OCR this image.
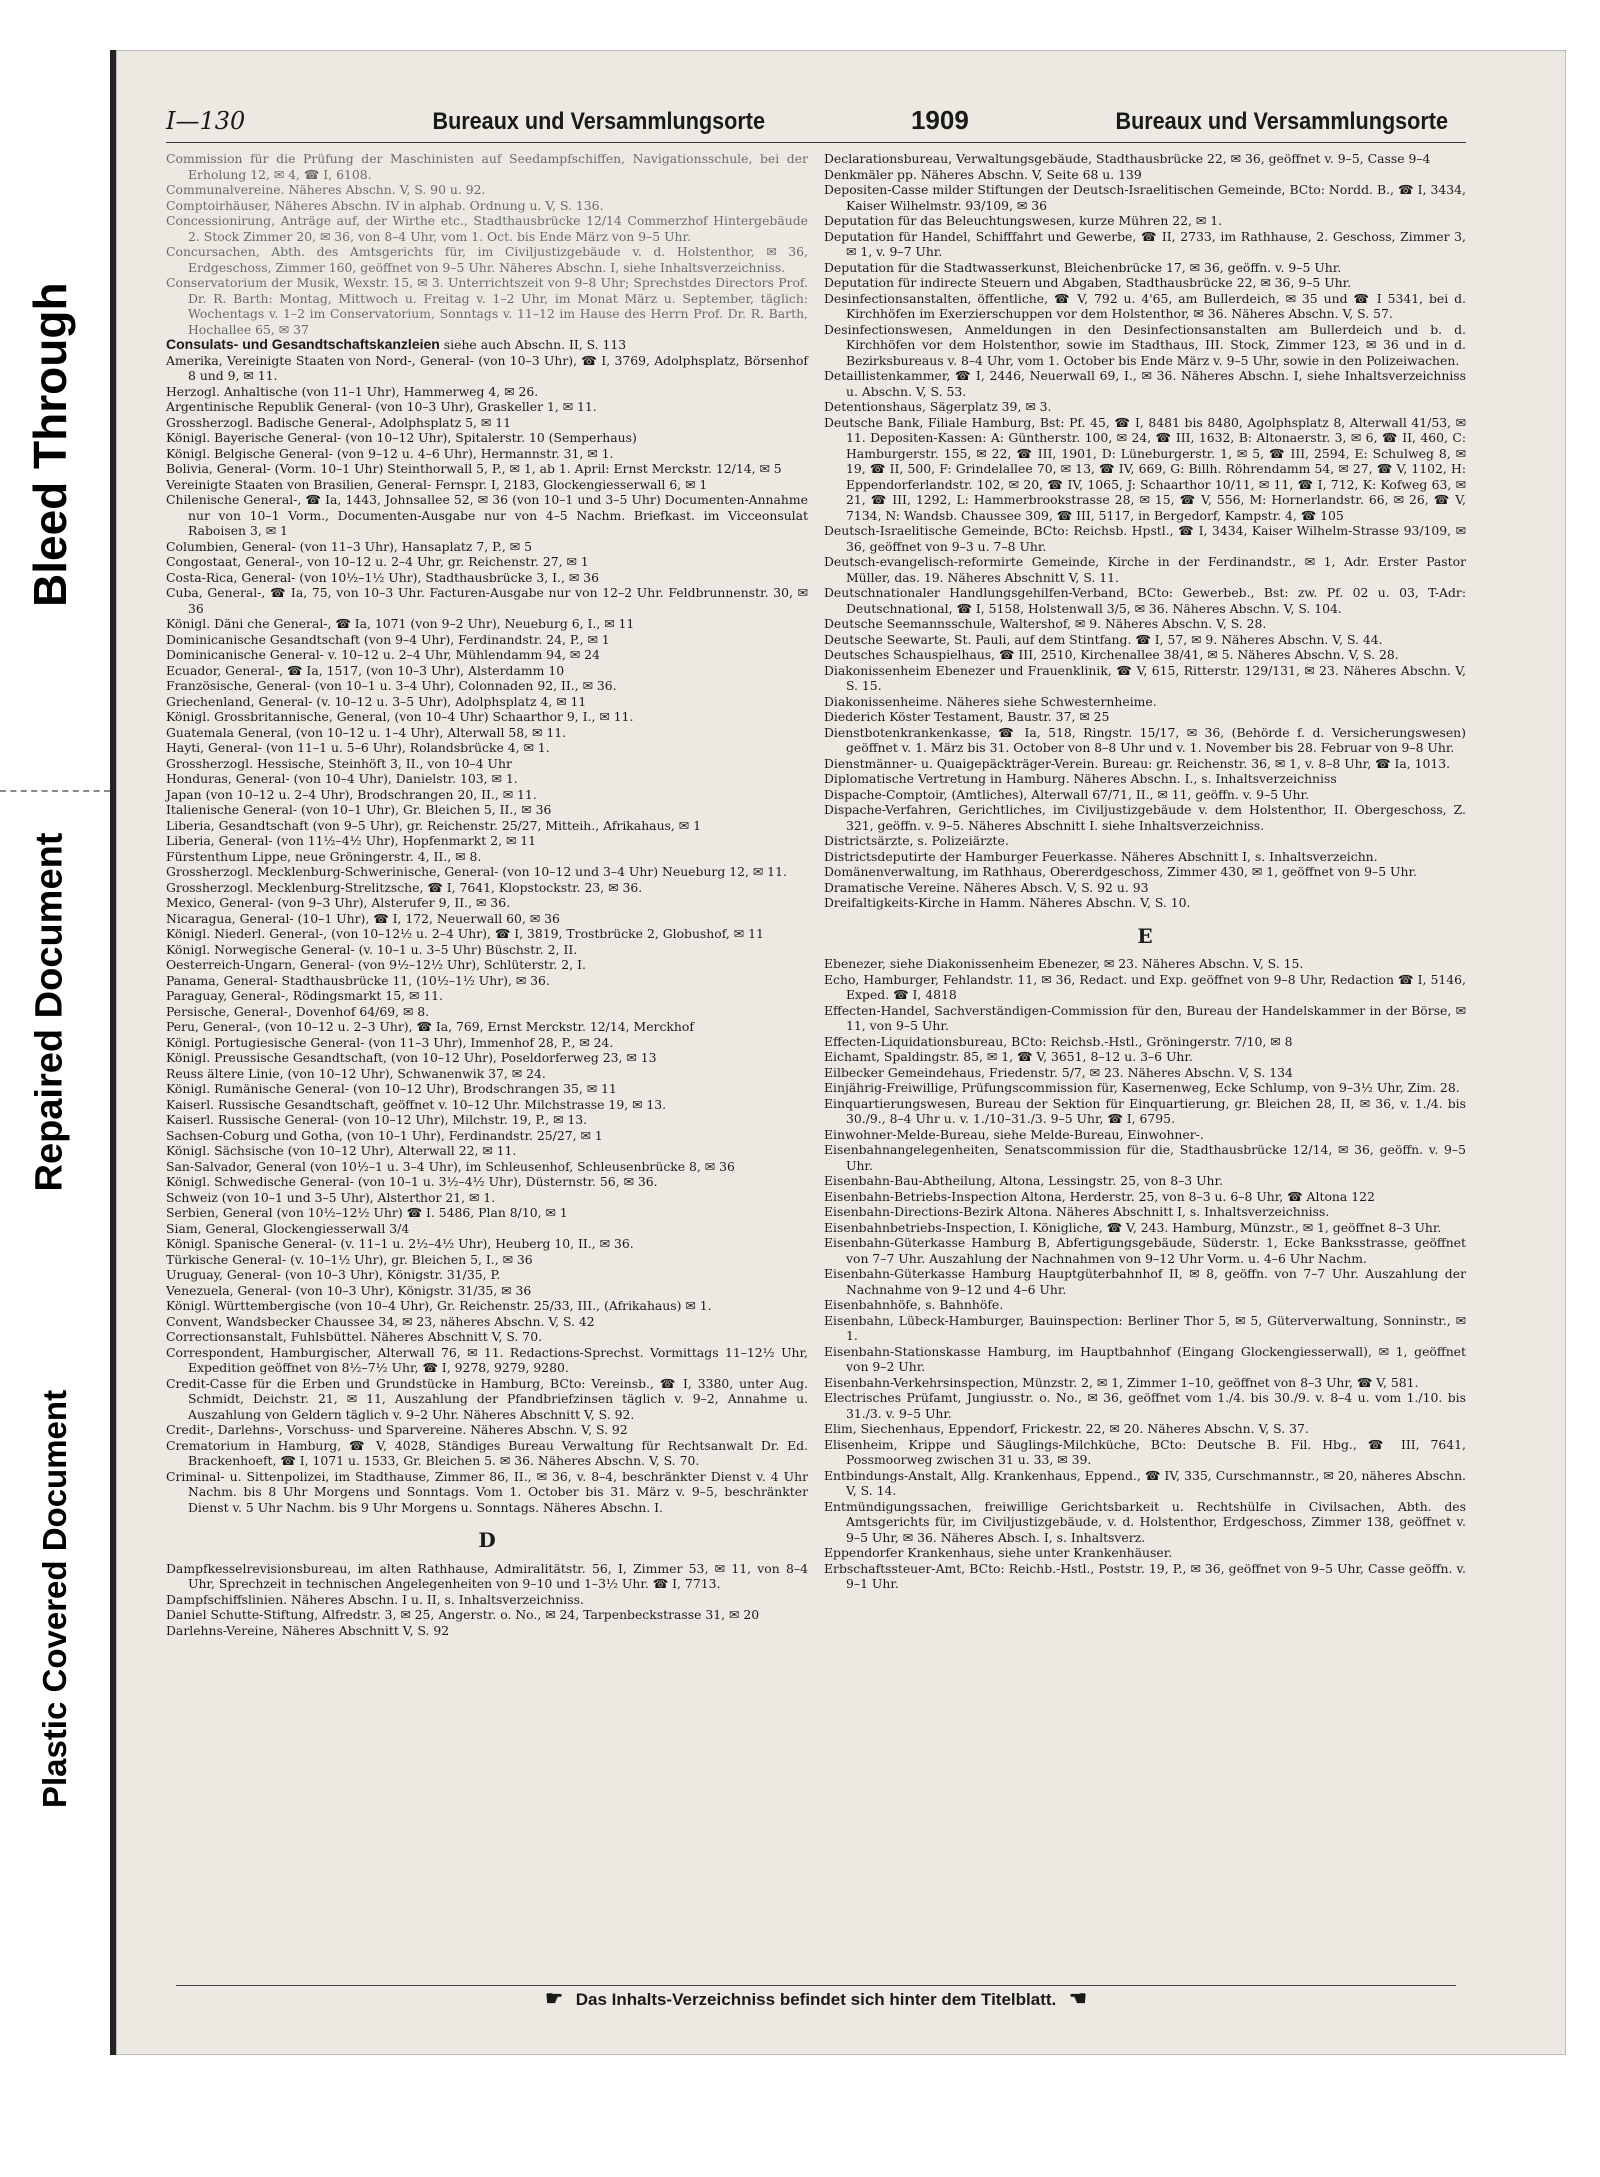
Bleed Through
Repaired Document
Plastic Covered Document
I—130	Bureaux und Versammlungsorte	1909	Bureaux und Versammlungsorte

Commission für die Prüfung der Maschinisten auf Seedampfschiffen, Navigationsschule, bei der Erholung 12, ✉ 4, ☎ I, 6108.

Communalvereine. Näheres Abschn. V, S. 90 u. 92.

Comptoirhäuser, Näheres Abschn. IV in alphab. Ordnung u. V, S. 136.

Concessionirung, Anträge auf, der Wirthe etc., Stadthausbrücke 12/14 Commerzhof Hintergebäude 2. Stock Zimmer 20, ✉ 36, von 8–4 Uhr, vom 1. Oct. bis Ende März von 9–5 Uhr.

Concursachen, Abth. des Amtsgerichts für, im Civiljustizgebäude v. d. Holstenthor, ✉ 36, Erdgeschoss, Zimmer 160, geöffnet von 9–5 Uhr. Näheres Abschn. I, siehe Inhaltsverzeichniss.

Conservatorium der Musik, Wexstr. 15, ✉ 3. Unterrichtszeit von 9–8 Uhr; Sprechstdes Directors Prof. Dr. R. Barth: Montag, Mittwoch u. Freitag v. 1–2 Uhr, im Monat März u. September, täglich: Wochentags v. 1–2 im Conservatorium, Sonntags v. 11–12 im Hause des Herrn Prof. Dr. R. Barth, Hochallee 65, ✉ 37

Consulats- und Gesandtschaftskanzleien siehe auch Abschn. II, S. 113

Amerika, Vereinigte Staaten von Nord-, General- (von 10–3 Uhr), ☎ I, 3769, Adolphsplatz, Börsenhof 8 und 9, ✉ 11.

Herzogl. Anhaltische (von 11–1 Uhr), Hammerweg 4, ✉ 26.

Argentinische Republik General- (von 10–3 Uhr), Graskeller 1, ✉ 11.

Grossherzogl. Badische General-, Adolphsplatz 5, ✉ 11

Königl. Bayerische General- (von 10–12 Uhr), Spitalerstr. 10 (Semperhaus)

Königl. Belgische General- (von 9–12 u. 4–6 Uhr), Hermannstr. 31, ✉ 1.

Bolivia, General- (Vorm. 10–1 Uhr) Steinthorwall 5, P., ✉ 1, ab 1. April: Ernst Merckstr. 12/14, ✉ 5

Vereinigte Staaten von Brasilien, General- Fernspr. I, 2183, Glockengiesserwall 6, ✉ 1

Chilenische General-, ☎ Ia, 1443, Johnsallee 52, ✉ 36 (von 10–1 und 3–5 Uhr) Documenten-Annahme nur von 10–1 Vorm., Documenten-Ausgabe nur von 4–5 Nachm. Briefkast. im Vicceonsulat Raboisen 3, ✉ 1

Columbien, General- (von 11–3 Uhr), Hansaplatz 7, P., ✉ 5

Congostaat, General-, von 10–12 u. 2–4 Uhr, gr. Reichenstr. 27, ✉ 1

Costa-Rica, General- (von 10½–1½ Uhr), Stadthausbrücke 3, I., ✉ 36

Cuba, General-, ☎ Ia, 75, von 10–3 Uhr. Facturen-Ausgabe nur von 12–2 Uhr. Feldbrunnenstr. 30, ✉ 36

Königl. Däni che General-, ☎ Ia, 1071 (von 9–2 Uhr), Neueburg 6, I., ✉ 11

Dominicanische Gesandtschaft (von 9–4 Uhr), Ferdinandstr. 24, P., ✉ 1

Dominicanische General- v. 10–12 u. 2–4 Uhr, Mühlendamm 94, ✉ 24

Ecuador, General-, ☎ Ia, 1517, (von 10–3 Uhr), Alsterdamm 10

Französische, General- (von 10–1 u. 3–4 Uhr), Colonnaden 92, II., ✉ 36.

Griechenland, General- (v. 10–12 u. 3–5 Uhr), Adolphsplatz 4, ✉ 11

Königl. Grossbritannische, General, (von 10–4 Uhr) Schaarthor 9, I., ✉ 11.

Guatemala General, (von 10–12 u. 1–4 Uhr), Alterwall 58, ✉ 11.

Hayti, General- (von 11–1 u. 5–6 Uhr), Rolandsbrücke 4, ✉ 1.

Grossherzogl. Hessische, Steinhöft 3, II., von 10–4 Uhr

Honduras, General- (von 10–4 Uhr), Danielstr. 103, ✉ 1.

Japan (von 10–12 u. 2–4 Uhr), Brodschrangen 20, II., ✉ 11.

Italienische General- (von 10–1 Uhr), Gr. Bleichen 5, II., ✉ 36

Liberia, Gesandtschaft (von 9–5 Uhr), gr. Reichenstr. 25/27, Mitteih., Afrikahaus, ✉ 1

Liberia, General- (von 11½–4½ Uhr), Hopfenmarkt 2, ✉ 11

Fürstenthum Lippe, neue Gröningerstr. 4, II., ✉ 8.

Grossherzogl. Mecklenburg-Schwerinische, General- (von 10–12 und 3–4 Uhr) Neueburg 12, ✉ 11.

Grossherzogl. Mecklenburg-Strelitzsche, ☎ I, 7641, Klopstockstr. 23, ✉ 36.

Mexico, General- (von 9–3 Uhr), Alsterufer 9, II., ✉ 36.

Nicaragua, General- (10–1 Uhr), ☎ I, 172, Neuerwall 60, ✉ 36

Königl. Niederl. General-, (von 10–12½ u. 2–4 Uhr), ☎ I, 3819, Trostbrücke 2, Globushof, ✉ 11

Königl. Norwegische General- (v. 10–1 u. 3–5 Uhr) Büschstr. 2, II.

Oesterreich-Ungarn, General- (von 9½–12½ Uhr), Schlüterstr. 2, I.

Panama, General- Stadthausbrücke 11, (10½–1½ Uhr), ✉ 36.

Paraguay, General-, Rödingsmarkt 15, ✉ 11.

Persische, General-, Dovenhof 64/69, ✉ 8.

Peru, General-, (von 10–12 u. 2–3 Uhr), ☎ Ia, 769, Ernst Merckstr. 12/14, Merckhof

Königl. Portugiesische General- (von 11–3 Uhr), Immenhof 28, P., ✉ 24.

Königl. Preussische Gesandtschaft, (von 10–12 Uhr), Poseldorferweg 23, ✉ 13

Reuss ältere Linie, (von 10–12 Uhr), Schwanenwik 37, ✉ 24.

Königl. Rumänische General- (von 10–12 Uhr), Brodschrangen 35, ✉ 11

Kaiserl. Russische Gesandtschaft, geöffnet v. 10–12 Uhr. Milchstrasse 19, ✉ 13.

Kaiserl. Russische General- (von 10–12 Uhr), Milchstr. 19, P., ✉ 13.

Sachsen-Coburg und Gotha, (von 10–1 Uhr), Ferdinandstr. 25/27, ✉ 1

Königl. Sächsische (von 10–12 Uhr), Alterwall 22, ✉ 11.

San-Salvador, General (von 10½–1 u. 3–4 Uhr), im Schleusenhof, Schleusenbrücke 8, ✉ 36

Königl. Schwedische General- (von 10–1 u. 3½–4½ Uhr), Düsternstr. 56, ✉ 36.

Schweiz (von 10–1 und 3–5 Uhr), Alsterthor 21, ✉ 1.

Serbien, General (von 10½–12½ Uhr) ☎ I. 5486, Plan 8/10, ✉ 1

Siam, General, Glockengiesserwall 3/4

Königl. Spanische General- (v. 11–1 u. 2½–4½ Uhr), Heuberg 10, II., ✉ 36.

Türkische General- (v. 10–1½ Uhr), gr. Bleichen 5, I., ✉ 36

Uruguay, General- (von 10–3 Uhr), Königstr. 31/35, P.

Venezuela, General- (von 10–3 Uhr), Königstr. 31/35, ✉ 36

Königl. Württembergische (von 10–4 Uhr), Gr. Reichenstr. 25/33, III., (Afrikahaus) ✉ 1.

Convent, Wandsbecker Chaussee 34, ✉ 23, näheres Abschn. V, S. 42

Correctionsanstalt, Fuhlsbüttel. Näheres Abschnitt V, S. 70.

Correspondent, Hamburgischer, Alterwall 76, ✉ 11. Redactions-Sprechst. Vormittags 11–12½ Uhr, Expedition geöffnet von 8½–7½ Uhr, ☎ I, 9278, 9279, 9280.

Credit-Casse für die Erben und Grundstücke in Hamburg, BCto: Vereinsb., ☎ I, 3380, unter Aug. Schmidt, Deichstr. 21, ✉ 11, Auszahlung der Pfandbriefzinsen täglich v. 9–2, Annahme u. Auszahlung von Geldern täglich v. 9–2 Uhr. Näheres Abschnitt V, S. 92.

Credit-, Darlehns-, Vorschuss- und Sparvereine. Näheres Abschn. V, S. 92

Crematorium in Hamburg, ☎ V, 4028, Ständiges Bureau Verwaltung für Rechtsanwalt Dr. Ed. Brackenhoeft, ☎ I, 1071 u. 1533, Gr. Bleichen 5. ✉ 36. Näheres Abschn. V, S. 70.

Criminal- u. Sittenpolizei, im Stadthause, Zimmer 86, II., ✉ 36, v. 8–4, beschränkter Dienst v. 4 Uhr Nachm. bis 8 Uhr Morgens und Sonntags. Vom 1. October bis 31. März v. 9–5, beschränkter Dienst v. 5 Uhr Nachm. bis 9 Uhr Morgens u. Sonntags. Näheres Abschn. I.

D

Dampfkesselrevisionsbureau, im alten Rathhause, Admiralitätstr. 56, I, Zimmer 53, ✉ 11, von 8–4 Uhr, Sprechzeit in technischen Angelegenheiten von 9–10 und 1–3½ Uhr. ☎ I, 7713.

Dampfschiffslinien. Näheres Abschn. I u. II, s. Inhaltsverzeichniss.

Daniel Schutte-Stiftung, Alfredstr. 3, ✉ 25, Angerstr. o. No., ✉ 24, Tarpenbeckstrasse 31, ✉ 20

Darlehns-Vereine, Näheres Abschnitt V, S. 92

Declarationsbureau, Verwaltungsgebäude, Stadthausbrücke 22, ✉ 36, geöffnet v. 9–5, Casse 9–4

Denkmäler pp. Näheres Abschn. V, Seite 68 u. 139

Depositen-Casse milder Stiftungen der Deutsch-Israelitischen Gemeinde, BCto: Nordd. B., ☎ I, 3434, Kaiser Wilhelmstr. 93/109, ✉ 36

Deputation für das Beleuchtungswesen, kurze Mühren 22, ✉ 1.

Deputation für Handel, Schifffahrt und Gewerbe, ☎ II, 2733, im Rathhause, 2. Geschoss, Zimmer 3, ✉ 1, v. 9–7 Uhr.

Deputation für die Stadtwasserkunst, Bleichenbrücke 17, ✉ 36, geöffn. v. 9–5 Uhr.

Deputation für indirecte Steuern und Abgaben, Stadthausbrücke 22, ✉ 36, 9–5 Uhr.

Desinfectionsanstalten, öffentliche, ☎ V, 792 u. 4'65, am Bullerdeich, ✉ 35 und ☎ I 5341, bei d. Kirchhöfen im Exerzierschuppen vor dem Holstenthor, ✉ 36. Näheres Abschn. V, S. 57.

Desinfectionswesen, Anmeldungen in den Desinfectionsanstalten am Bullerdeich und b. d. Kirchhöfen vor dem Holstenthor, sowie im Stadthaus, III. Stock, Zimmer 123, ✉ 36 und in d. Bezirksbureaus v. 8–4 Uhr, vom 1. October bis Ende März v. 9–5 Uhr, sowie in den Polizeiwachen.

Detaillistenkammer, ☎ I, 2446, Neuerwall 69, I., ✉ 36. Näheres Abschn. I, siehe Inhaltsverzeichniss u. Abschn. V, S. 53.

Detentionshaus, Sägerplatz 39, ✉ 3.

Deutsche Bank, Filiale Hamburg, Bst: Pf. 45, ☎ I, 8481 bis 8480, Agolphsplatz 8, Alterwall 41/53, ✉ 11. Depositen-Kassen: A: Güntherstr. 100, ✉ 24, ☎ III, 1632, B: Altonaerstr. 3, ✉ 6, ☎ II, 460, C: Hamburgerstr. 155, ✉ 22, ☎ III, 1901, D: Lüneburgerstr. 1, ✉ 5, ☎ III, 2594, E: Schulweg 8, ✉ 19, ☎ II, 500, F: Grindelallee 70, ✉ 13, ☎ IV, 669, G: Billh. Röhrendamm 54, ✉ 27, ☎ V, 1102, H: Eppendorferlandstr. 102, ✉ 20, ☎ IV, 1065, J: Schaarthor 10/11, ✉ 11, ☎ I, 712, K: Kofweg 63, ✉ 21, ☎ III, 1292, L: Hammerbrookstrasse 28, ✉ 15, ☎ V, 556, M: Hornerlandstr. 66, ✉ 26, ☎ V, 7134, N: Wandsb. Chaussee 309, ☎ III, 5117, in Bergedorf, Kampstr. 4, ☎ 105

Deutsch-Israelitische Gemeinde, BCto: Reichsb. Hpstl., ☎ I, 3434, Kaiser Wilhelm-Strasse 93/109, ✉ 36, geöffnet von 9–3 u. 7–8 Uhr.

Deutsch-evangelisch-reformirte Gemeinde, Kirche in der Ferdinandstr., ✉ 1, Adr. Erster Pastor Müller, das. 19. Näheres Abschnitt V, S. 11.

Deutschnationaler Handlungsgehilfen-Verband, BCto: Gewerbeb., Bst: zw. Pf. 02 u. 03, T-Adr: Deutschnational, ☎ I, 5158, Holstenwall 3/5, ✉ 36. Näheres Abschn. V, S. 104.

Deutsche Seemannsschule, Waltershof, ✉ 9. Näheres Abschn. V, S. 28.

Deutsche Seewarte, St. Pauli, auf dem Stintfang. ☎ I, 57, ✉ 9. Näheres Abschn. V, S. 44.

Deutsches Schauspielhaus, ☎ III, 2510, Kirchenallee 38/41, ✉ 5. Näheres Abschn. V, S. 28.

Diakonissenheim Ebenezer und Frauenklinik, ☎ V, 615, Ritterstr. 129/131, ✉ 23. Näheres Abschn. V, S. 15.

Diakonissenheime. Näheres siehe Schwesternheime.

Diederich Köster Testament, Baustr. 37, ✉ 25

Dienstbotenkrankenkasse, ☎ Ia, 518, Ringstr. 15/17, ✉ 36, (Behörde f. d. Versicherungswesen) geöffnet v. 1. März bis 31. October von 8–8 Uhr und v. 1. November bis 28. Februar von 9–8 Uhr.

Dienstmänner- u. Quaigepäckträger-Verein. Bureau: gr. Reichenstr. 36, ✉ 1, v. 8–8 Uhr, ☎ Ia, 1013.

Diplomatische Vertretung in Hamburg. Näheres Abschn. I., s. Inhaltsverzeichniss

Dispache-Comptoir, (Amtliches), Alterwall 67/71, II., ✉ 11, geöffn. v. 9–5 Uhr.

Dispache-Verfahren, Gerichtliches, im Civiljustizgebäude v. dem Holstenthor, II. Obergeschoss, Z. 321, geöffn. v. 9–5. Näheres Abschnitt I. siehe Inhaltsverzeichniss.

Districtsärzte, s. Polizeiärzte.

Districtsdeputirte der Hamburger Feuerkasse. Näheres Abschnitt I, s. Inhaltsverzeichn.

Domänenverwaltung, im Rathhaus, Obererdgeschoss, Zimmer 430, ✉ 1, geöffnet von 9–5 Uhr.

Dramatische Vereine. Näheres Absch. V, S. 92 u. 93

Dreifaltigkeits-Kirche in Hamm. Näheres Abschn. V, S. 10.

E

Ebenezer, siehe Diakonissenheim Ebenezer, ✉ 23. Näheres Abschn. V, S. 15.

Echo, Hamburger, Fehlandstr. 11, ✉ 36, Redact. und Exp. geöffnet von 9–8 Uhr, Redaction ☎ I, 5146, Exped. ☎ I, 4818

Effecten-Handel, Sachverständigen-Commission für den, Bureau der Handelskammer in der Börse, ✉ 11, von 9–5 Uhr.

Effecten-Liquidationsbureau, BCto: Reichsb.-Hstl., Gröningerstr. 7/10, ✉ 8

Eichamt, Spaldingstr. 85, ✉ 1, ☎ V, 3651, 8–12 u. 3–6 Uhr.

Eilbecker Gemeindehaus, Friedenstr. 5/7, ✉ 23. Näheres Abschn. V, S. 134

Einjährig-Freiwillige, Prüfungscommission für, Kasernenweg, Ecke Schlump, von 9–3½ Uhr, Zim. 28.

Einquartierungswesen, Bureau der Sektion für Einquartierung, gr. Bleichen 28, II, ✉ 36, v. 1./4. bis 30./9., 8–4 Uhr u. v. 1./10–31./3. 9–5 Uhr, ☎ I, 6795.

Einwohner-Melde-Bureau, siehe Melde-Bureau, Einwohner-.

Eisenbahnangelegenheiten, Senatscommission für die, Stadthausbrücke 12/14, ✉ 36, geöffn. v. 9–5 Uhr.

Eisenbahn-Bau-Abtheilung, Altona, Lessingstr. 25, von 8–3 Uhr.

Eisenbahn-Betriebs-Inspection Altona, Herderstr. 25, von 8–3 u. 6–8 Uhr, ☎ Altona 122

Eisenbahn-Directions-Bezirk Altona. Näheres Abschnitt I, s. Inhaltsverzeichniss.

Eisenbahnbetriebs-Inspection, I. Königliche, ☎ V, 243. Hamburg, Münzstr., ✉ 1, geöffnet 8–3 Uhr.

Eisenbahn-Güterkasse Hamburg B, Abfertigungsgebäude, Süderstr. 1, Ecke Banksstrasse, geöffnet von 7–7 Uhr. Auszahlung der Nachnahmen von 9–12 Uhr Vorm. u. 4–6 Uhr Nachm.

Eisenbahn-Güterkasse Hamburg Hauptgüterbahnhof II, ✉ 8, geöffn. von 7–7 Uhr. Auszahlung der Nachnahme von 9–12 und 4–6 Uhr.

Eisenbahnhöfe, s. Bahnhöfe.

Eisenbahn, Lübeck-Hamburger, Bauinspection: Berliner Thor 5, ✉ 5, Güterverwaltung, Sonninstr., ✉ 1.

Eisenbahn-Stationskasse Hamburg, im Hauptbahnhof (Eingang Glockengiesserwall), ✉ 1, geöffnet von 9–2 Uhr.

Eisenbahn-Verkehrsinspection, Münzstr. 2, ✉ 1, Zimmer 1–10, geöffnet von 8–3 Uhr, ☎ V, 581.

Electrisches Prüfamt, Jungiusstr. o. No., ✉ 36, geöffnet vom 1./4. bis 30./9. v. 8–4 u. vom 1./10. bis 31./3. v. 9–5 Uhr.

Elim, Siechenhaus, Eppendorf, Frickestr. 22, ✉ 20. Näheres Abschn. V, S. 37.

Elisenheim, Krippe und Säuglings-Milchküche, BCto: Deutsche B. Fil. Hbg., ☎ III, 7641, Possmoorweg zwischen 31 u. 33, ✉ 39.

Entbindungs-Anstalt, Allg. Krankenhaus, Eppend., ☎ IV, 335, Curschmannstr., ✉ 20, näheres Abschn. V, S. 14.

Entmündigungssachen, freiwillige Gerichtsbarkeit u. Rechtshülfe in Civilsachen, Abth. des Amtsgerichts für, im Civiljustizgebäude, v. d. Holstenthor, Erdgeschoss, Zimmer 138, geöffnet v. 9–5 Uhr, ✉ 36. Näheres Absch. I, s. Inhaltsverz.

Eppendorfer Krankenhaus, siehe unter Krankenhäuser.

Erbschaftssteuer-Amt, BCto: Reichb.-Hstl., Poststr. 19, P., ✉ 36, geöffnet von 9–5 Uhr, Casse geöffn. v. 9–1 Uhr.

☛ Das Inhalts-Verzeichniss befindet sich hinter dem Titelblatt. ☚
